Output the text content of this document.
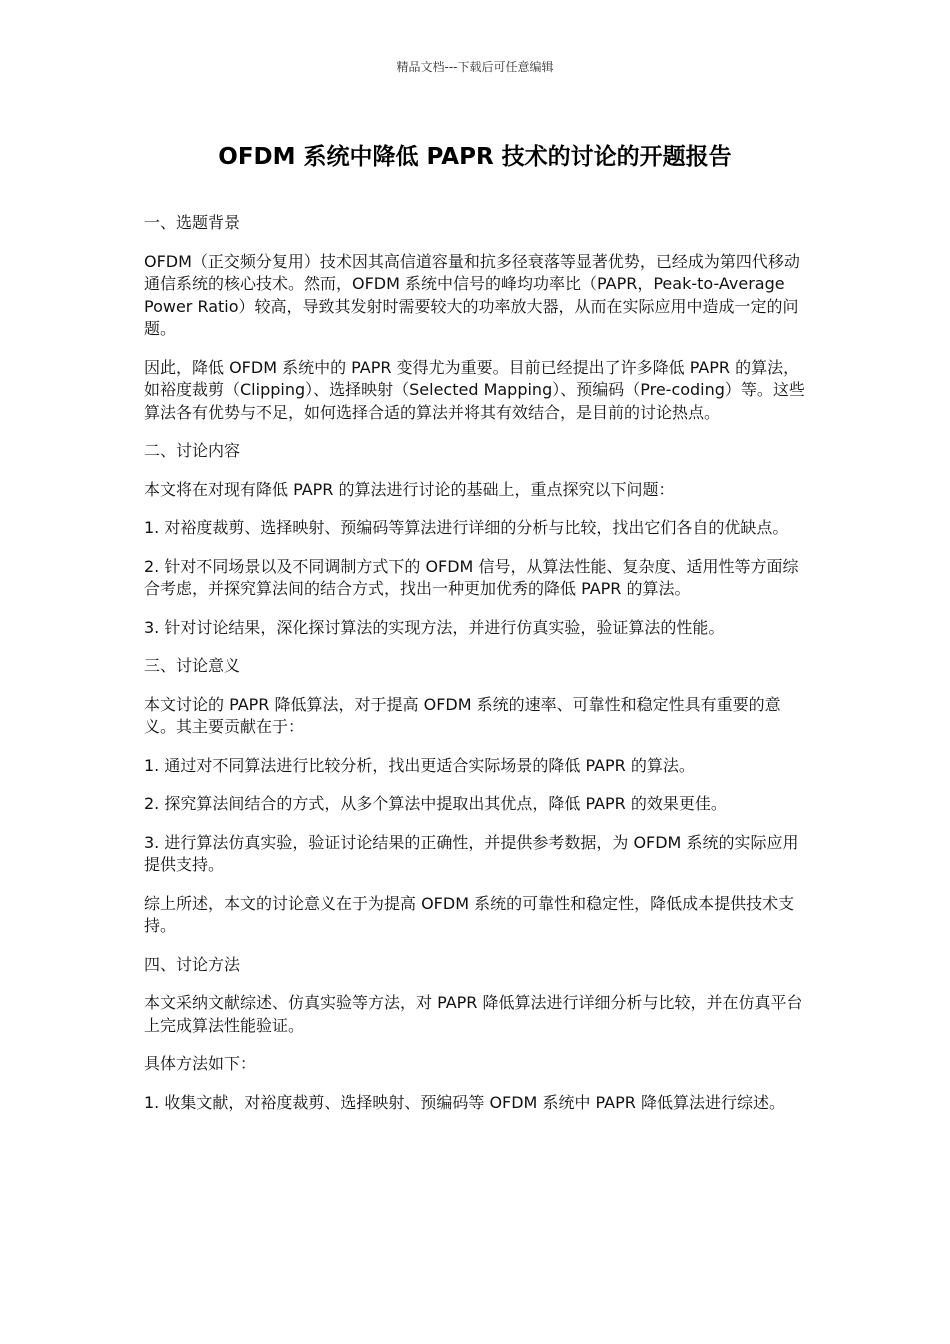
精品文档---下载后可任意编辑
OFDM 系统中降低 PAPR 技术的讨论的开题报告

一、选题背景

OFDM（正交频分复用）技术因其高信道容量和抗多径衰落等显著优势，已经成为第四代移动通信系统的核心技术。然而，OFDM 系统中信号的峰均功率比（PAPR，Peak-to-Average Power Ratio）较高，导致其发射时需要较大的功率放大器，从而在实际应用中造成一定的问题。

因此，降低 OFDM 系统中的 PAPR 变得尤为重要。目前已经提出了许多降低 PAPR 的算法，如裕度裁剪（Clipping）、选择映射（Selected Mapping）、预编码（Pre-coding）等。这些算法各有优势与不足，如何选择合适的算法并将其有效结合，是目前的讨论热点。

二、讨论内容

本文将在对现有降低 PAPR 的算法进行讨论的基础上，重点探究以下问题：

1. 对裕度裁剪、选择映射、预编码等算法进行详细的分析与比较，找出它们各自的优缺点。

2. 针对不同场景以及不同调制方式下的 OFDM 信号，从算法性能、复杂度、适用性等方面综合考虑，并探究算法间的结合方式，找出一种更加优秀的降低 PAPR 的算法。

3. 针对讨论结果，深化探讨算法的实现方法，并进行仿真实验，验证算法的性能。

三、讨论意义

本文讨论的 PAPR 降低算法，对于提高 OFDM 系统的速率、可靠性和稳定性具有重要的意义。其主要贡献在于：

1. 通过对不同算法进行比较分析，找出更适合实际场景的降低 PAPR 的算法。

2. 探究算法间结合的方式，从多个算法中提取出其优点，降低 PAPR 的效果更佳。

3. 进行算法仿真实验，验证讨论结果的正确性，并提供参考数据，为 OFDM 系统的实际应用提供支持。

综上所述，本文的讨论意义在于为提高 OFDM 系统的可靠性和稳定性，降低成本提供技术支持。

四、讨论方法

本文采纳文献综述、仿真实验等方法，对 PAPR 降低算法进行详细分析与比较，并在仿真平台上完成算法性能验证。

具体方法如下：

1. 收集文献，对裕度裁剪、选择映射、预编码等 OFDM 系统中 PAPR 降低算法进行综述。
